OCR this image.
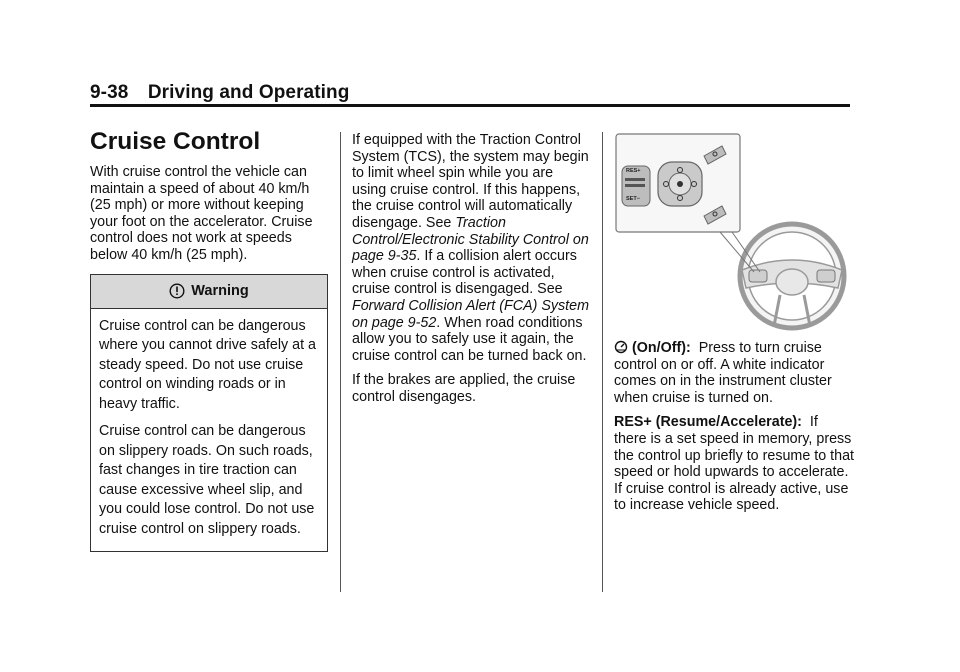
9-38 Driving and Operating
Cruise Control

With cruise control the vehicle can maintain a speed of about 40 km/h (25 mph) or more without keeping your foot on the accelerator. Cruise control does not work at speeds below 40 km/h (25 mph).

Warning

Cruise control can be dangerous where you cannot drive safely at a steady speed. Do not use cruise control on winding roads or in heavy traffic.

Cruise control can be dangerous on slippery roads. On such roads, fast changes in tire traction can cause excessive wheel slip, and you could lose control. Do not use cruise control on slippery roads.

If equipped with the Traction Control System (TCS), the system may begin to limit wheel spin while you are using cruise control. If this happens, the cruise control will automatically disengage. See Traction Control/Electronic Stability Control on page 9-35. If a collision alert occurs when cruise control is activated, cruise control is disengaged. See Forward Collision Alert (FCA) System on page 9-52. When road conditions allow you to safely use it again, the cruise control can be turned back on.

If the brakes are applied, the cruise control disengages.

RES+
SET−

(On/Off): Press to turn cruise control on or off. A white indicator comes on in the instrument cluster when cruise is turned on.

RES+ (Resume/Accelerate): If there is a set speed in memory, press the control up briefly to resume to that speed or hold upwards to accelerate. If cruise control is already active, use to increase vehicle speed.
